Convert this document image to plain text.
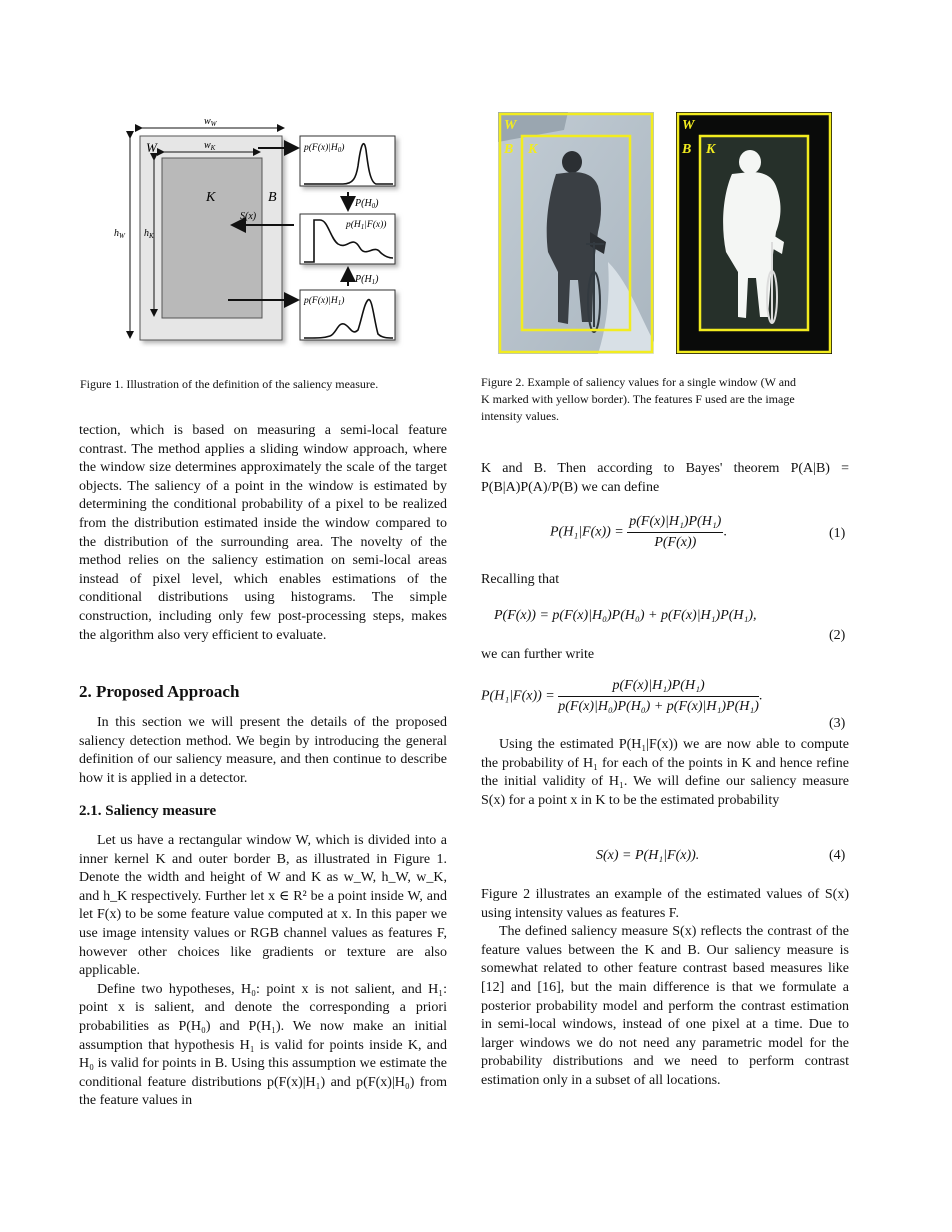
$w_W$
$w_K$
W
$h_W$ $h_K$
K	B
S(x)
$p(F(x)|H_0)$
$p(H_1|F(x))$
$p(F(x)|H_1)$
$P(H_0)$
$P(H_1)$
Figure 1. Illustration of the definition of the saliency measure.
W
B K
W
B K
Figure 2. Example of saliency values for a single window (W and
K marked with yellow border). The features F used are the image
intensity values.

tection, which is based on measuring a semi-local feature contrast. The method applies a sliding window approach, where the window size determines approximately the scale of the target objects. The saliency of a point in the window is estimated by determining the conditional probability of a pixel to be realized from the distribution estimated inside the window compared to the distribution of the surrounding area. The novelty of the method relies on the saliency estimation on semi-local areas instead of pixel level, which enables estimations of the conditional distributions using histograms. The simple construction, including only few post-processing steps, makes the algorithm also very efficient to evaluate.

2. Proposed Approach

In this section we will present the details of the proposed saliency detection method. We begin by introducing the general definition of our saliency measure, and then continue to describe how it is applied in a detector.

2.1. Saliency measure

Let us have a rectangular window W, which is divided into a inner kernel K and outer border B, as illustrated in Figure 1. Denote the width and height of W and K as w_W, h_W, w_K, and h_K respectively. Further let x ∈ R² be a point inside W, and let F(x) to be some feature value computed at x. In this paper we use image intensity values or RGB channel values as features F, however other choices like gradients or texture are also applicable.

Define two hypotheses, H₀: point x is not salient, and H₁: point x is salient, and denote the corresponding a priori probabilities as P(H₀) and P(H₁). We now make an initial assumption that hypothesis H₁ is valid for points inside K, and H₀ is valid for points in B. Using this assumption we estimate the conditional feature distributions p(F(x)|H₁) and p(F(x)|H₀) from the feature values in

K and B. Then according to Bayes' theorem P(A|B) = P(B|A)P(A)/P(B) we can define

$P(H_1|F(x)) = \frac{\text{p(F(x)|H₁)P(H₁)}}{P(F(x))}$ .	(1)

Recalling that

P(F(x)) = p(F(x)|H₀)P(H₀) + p(F(x)|H₁)P(H₁),
(2)

we can further write

$P(H_1|F(x)) = \frac{\text{p(F(x)|H₁)P(H₁)}}{\text{p(F(x)|H₀)P(H₀) + p(F(x)|H₁)P(H₁)}}$ .
(3)

Using the estimated P(H₁|F(x)) we are now able to compute the probability of H₁ for each of the points in K and hence refine the initial validity of H₁. We will define our saliency measure S(x) for a point x in K to be the estimated probability

S(x) = P(H₁|F(x)).	(4)

Figure 2 illustrates an example of the estimated values of S(x) using intensity values as features F.

The defined saliency measure S(x) reflects the contrast of the feature values between the K and B. Our saliency measure is somewhat related to other feature contrast based measures like [12] and [16], but the main difference is that we formulate a posterior probability model and perform the contrast estimation in semi-local windows, instead of one pixel at a time. Due to larger windows we do not need any parametric model for the probability distributions and we need to perform contrast estimation only in a subset of all locations.
